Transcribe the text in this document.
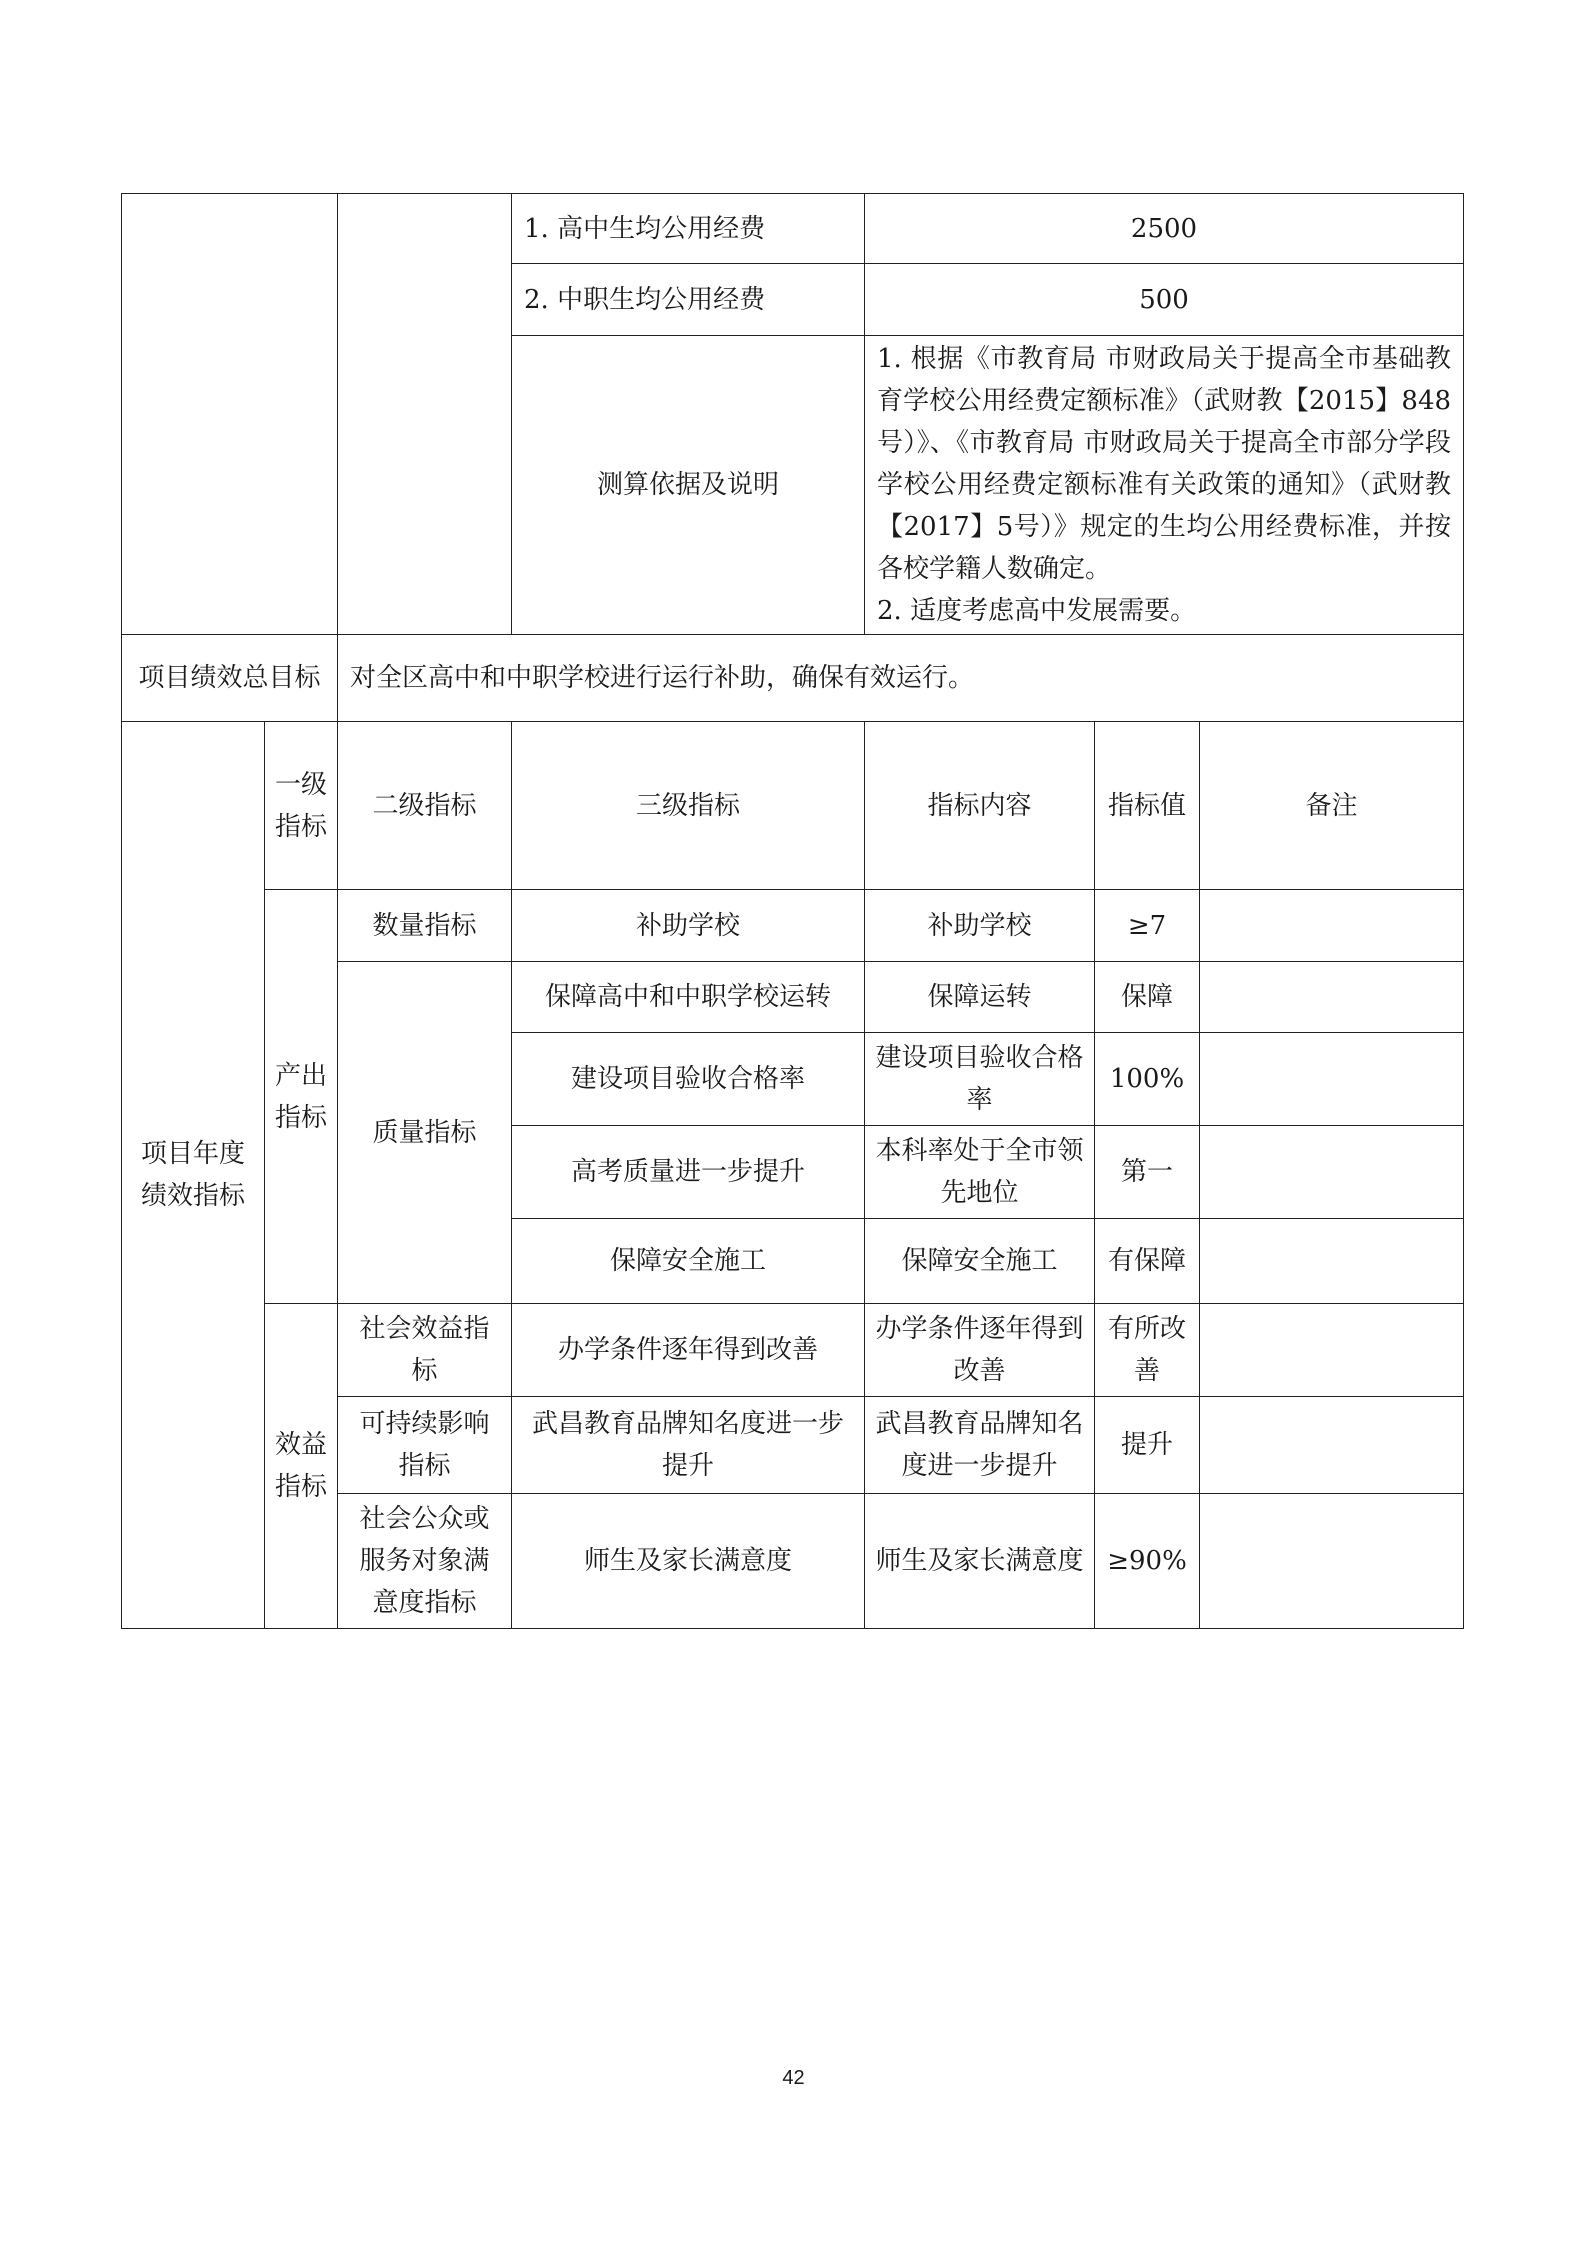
			1. 高中生均公用经费	2500		
			2. 中职生均公用经费	500		
			测算依据及说明	1. 根据《市教育局 市财政局关于提高全市基础教育学校公用经费定额标准》（武财教【2015】848号）》、《市教育局 市财政局关于提高全市部分学段学校公用经费定额标准有关政策的通知》（武财教【2017】5号）》规定的生均公用经费标准，并按各校学籍人数确定。
2. 适度考虑高中发展需要。		

项目绩效总目标		对全区高中和中职学校进行运行补助，确保有效运行。				
项目年度绩效指标	一级指标	二级指标	三级指标	指标内容	指标值	备注
	产出指标	数量指标	补助学校	补助学校	≥7	
		质量指标	保障高中和中职学校运转	保障运转	保障	
			建设项目验收合格率	建设项目验收合格率	100%	
			高考质量进一步提升	本科率处于全市领先地位	第一	
			保障安全施工	保障安全施工	有保障	
	效益指标	社会效益指标	办学条件逐年得到改善	办学条件逐年得到改善	有所改善	
		可持续影响指标	武昌教育品牌知名度进一步提升	武昌教育品牌知名度进一步提升	提升	
		社会公众或服务对象满意度指标	师生及家长满意度	师生及家长满意度	≥90%	
42
